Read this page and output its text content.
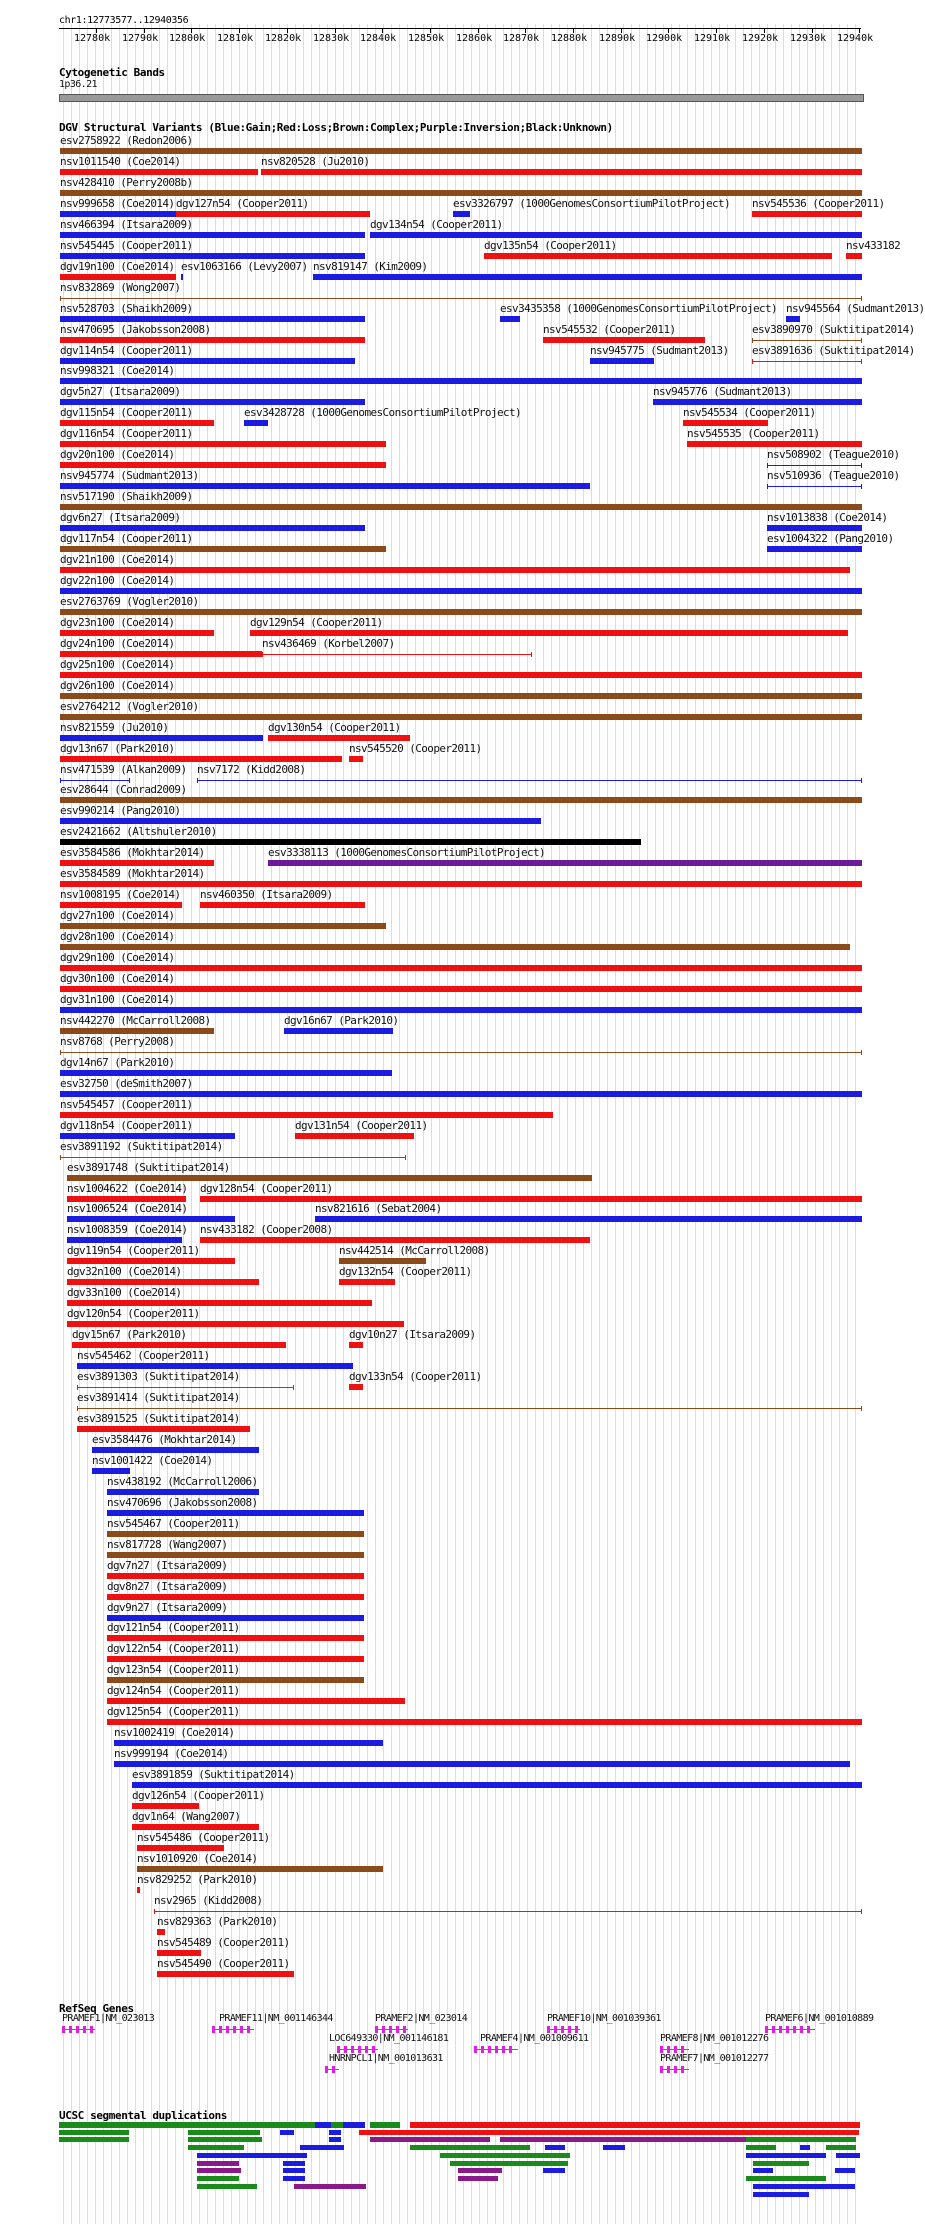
chr1:12773577..12940356
12780k 12790k 12800k 12810k 12820k 12830k 12840k 12850k 12860k 12870k 12880k 12890k 12900k 12910k 12920k 12930k 12940k
Cytogenetic Bands
1p36.21
DGV Structural Variants (Blue:Gain;Red:Loss;Brown:Complex;Purple:Inversion;Black:Unknown)
esv2758922 (Redon2006)
nsv1011540 (Coe2014)	nsv820528 (Ju2010)
nsv428410 (Perry2008b)
nsv999658 (Coe2014) dgv127n54 (Cooper2011)	esv3326797 (1000GenomesConsortiumPilotProject) nsv545536 (Cooper2011)
nsv466394 (Itsara2009)	dgv134n54 (Cooper2011)
nsv545445 (Cooper2011)	dgv135n54 (Cooper2011)	nsv433182
dgv19n100 (Coe2014) esv1063166 (Levy2007) nsv819147 (Kim2009)
nsv832869 (Wong2007)
nsv528703 (Shaikh2009)	esv3435358 (1000GenomesConsortiumPilotProject) nsv945564 (Sudmant2013)
nsv470695 (Jakobsson2008)	nsv545532 (Cooper2011)	esv3890970 (Suktitipat2014)
dgv114n54 (Cooper2011)	nsv945775 (Sudmant2013) esv3891636 (Suktitipat2014)
nsv998321 (Coe2014)
dgv5n27 (Itsara2009)	nsv945776 (Sudmant2013)
dgv115n54 (Cooper2011)	esv3428728 (1000GenomesConsortiumPilotProject)	nsv545534 (Cooper2011)
dgv116n54 (Cooper2011)	nsv545535 (Cooper2011)
dgv20n100 (Coe2014)	nsv508902 (Teague2010)
nsv945774 (Sudmant2013)	nsv510936 (Teague2010)
nsv517190 (Shaikh2009)
dgv6n27 (Itsara2009)	nsv1013838 (Coe2014)
dgv117n54 (Cooper2011)	esv1004322 (Pang2010)
dgv21n100 (Coe2014)
dgv22n100 (Coe2014)
esv2763769 (Vogler2010)
dgv23n100 (Coe2014)	dgv129n54 (Cooper2011)
dgv24n100 (Coe2014)	nsv436469 (Korbel2007)
dgv25n100 (Coe2014)
dgv26n100 (Coe2014)
esv2764212 (Vogler2010)
nsv821559 (Ju2010)	dgv130n54 (Cooper2011)
dgv13n67 (Park2010)	nsv545520 (Cooper2011)
nsv471539 (Alkan2009) nsv7172 (Kidd2008)
esv28644 (Conrad2009)
esv990214 (Pang2010)
esv2421662 (Altshuler2010)
esv3584586 (Mokhtar2014)	esv3338113 (1000GenomesConsortiumPilotProject)
esv3584589 (Mokhtar2014)
nsv1008195 (Coe2014) nsv460350 (Itsara2009)
dgv27n100 (Coe2014)
dgv28n100 (Coe2014)
dgv29n100 (Coe2014)
dgv30n100 (Coe2014)
dgv31n100 (Coe2014)
nsv442270 (McCarroll2008)	dgv16n67 (Park2010)
nsv8768 (Perry2008)
dgv14n67 (Park2010)
esv32750 (deSmith2007)
nsv545457 (Cooper2011)
dgv118n54 (Cooper2011)	dgv131n54 (Cooper2011)
esv3891192 (Suktitipat2014)
esv3891748 (Suktitipat2014)
nsv1004622 (Coe2014) dgv128n54 (Cooper2011)
nsv1006524 (Coe2014)	nsv821616 (Sebat2004)
nsv1008359 (Coe2014) nsv433182 (Cooper2008)
dgv119n54 (Cooper2011)	nsv442514 (McCarroll2008)
dgv32n100 (Coe2014)	dgv132n54 (Cooper2011)
dgv33n100 (Coe2014)
dgv120n54 (Cooper2011)
dgv15n67 (Park2010)	dgv10n27 (Itsara2009)
nsv545462 (Cooper2011)
esv3891303 (Suktitipat2014)	dgv133n54 (Cooper2011)
esv3891414 (Suktitipat2014)
esv3891525 (Suktitipat2014)
esv3584476 (Mokhtar2014)
nsv1001422 (Coe2014)
nsv438192 (McCarroll2006)
nsv470696 (Jakobsson2008)
nsv545467 (Cooper2011)
nsv817728 (Wang2007)
dgv7n27 (Itsara2009)
dgv8n27 (Itsara2009)
dgv9n27 (Itsara2009)
dgv121n54 (Cooper2011)
dgv122n54 (Cooper2011)
dgv123n54 (Cooper2011)
dgv124n54 (Cooper2011)
dgv125n54 (Cooper2011)
nsv1002419 (Coe2014)
nsv999194 (Coe2014)
esv3891859 (Suktitipat2014)
dgv126n54 (Cooper2011)
dgv1n64 (Wang2007)
nsv545486 (Cooper2011)
nsv1010920 (Coe2014)
nsv829252 (Park2010)
nsv2965 (Kidd2008)
nsv829363 (Park2010)
nsv545489 (Cooper2011)
nsv545490 (Cooper2011)
RefSeq Genes
PRAMEF1|NM_023013	PRAMEF11|NM_001146344	PRAMEF2|NM_023014	PRAMEF10|NM_001039361	PRAMEF6|NM_001010889
LOC649330|NM_001146181	PRAMEF4|NM_001009611	PRAMEF8|NM_001012276
HNRNPCL1|NM_001013631	PRAMEF7|NM_001012277
UCSC segmental duplications
